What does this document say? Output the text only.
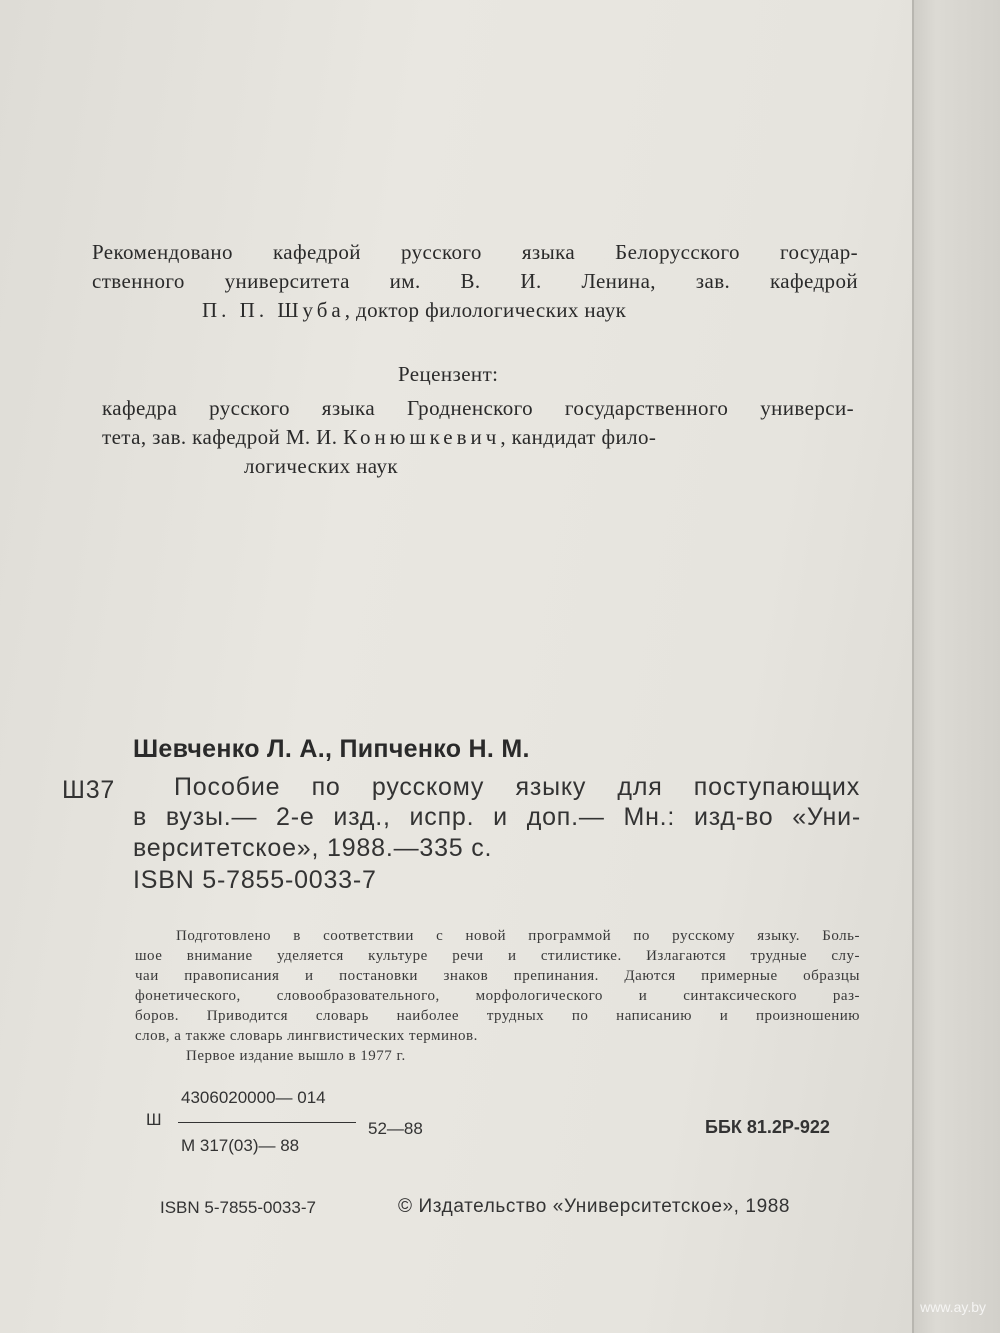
Рекомендовано кафедрой русского языка Белорусского государ-
ственного университета им. В. И. Ленина, зав. кафедрой
П. П. Шуба, доктор филологических наук
Рецензент:
кафедра русского языка Гродненского государственного универси-
тета, зав. кафедрой М. И. Конюшкевич, кандидат фило-
логических наук
Шевченко Л. А., Пипченко Н. М.
Ш37 Пособие по русскому языку для поступающих
в вузы.— 2-е изд., испр. и доп.— Мн.: изд-во «Уни-
верситетское», 1988.—335 с.
ISBN 5-7855-0033-7
Подготовлено в соответствии с новой программой по русскому языку. Боль-
шое внимание уделяется культуре речи и стилистике. Излагаются трудные слу-
чаи правописания и постановки знаков препинания. Даются примерные образцы
фонетического, словообразовательного, морфологического и синтаксического раз-
боров. Приводится словарь наиболее трудных по написанию и произношению
слов, а также словарь лингвистических терминов.
Первое издание вышло в 1977 г.
4306020000— 014
Ш	52—88
М 317(03)— 88
ББК 81.2Р-922
ISBN 5-7855-0033-7	© Издательство «Университетское», 1988
www.ay.by
